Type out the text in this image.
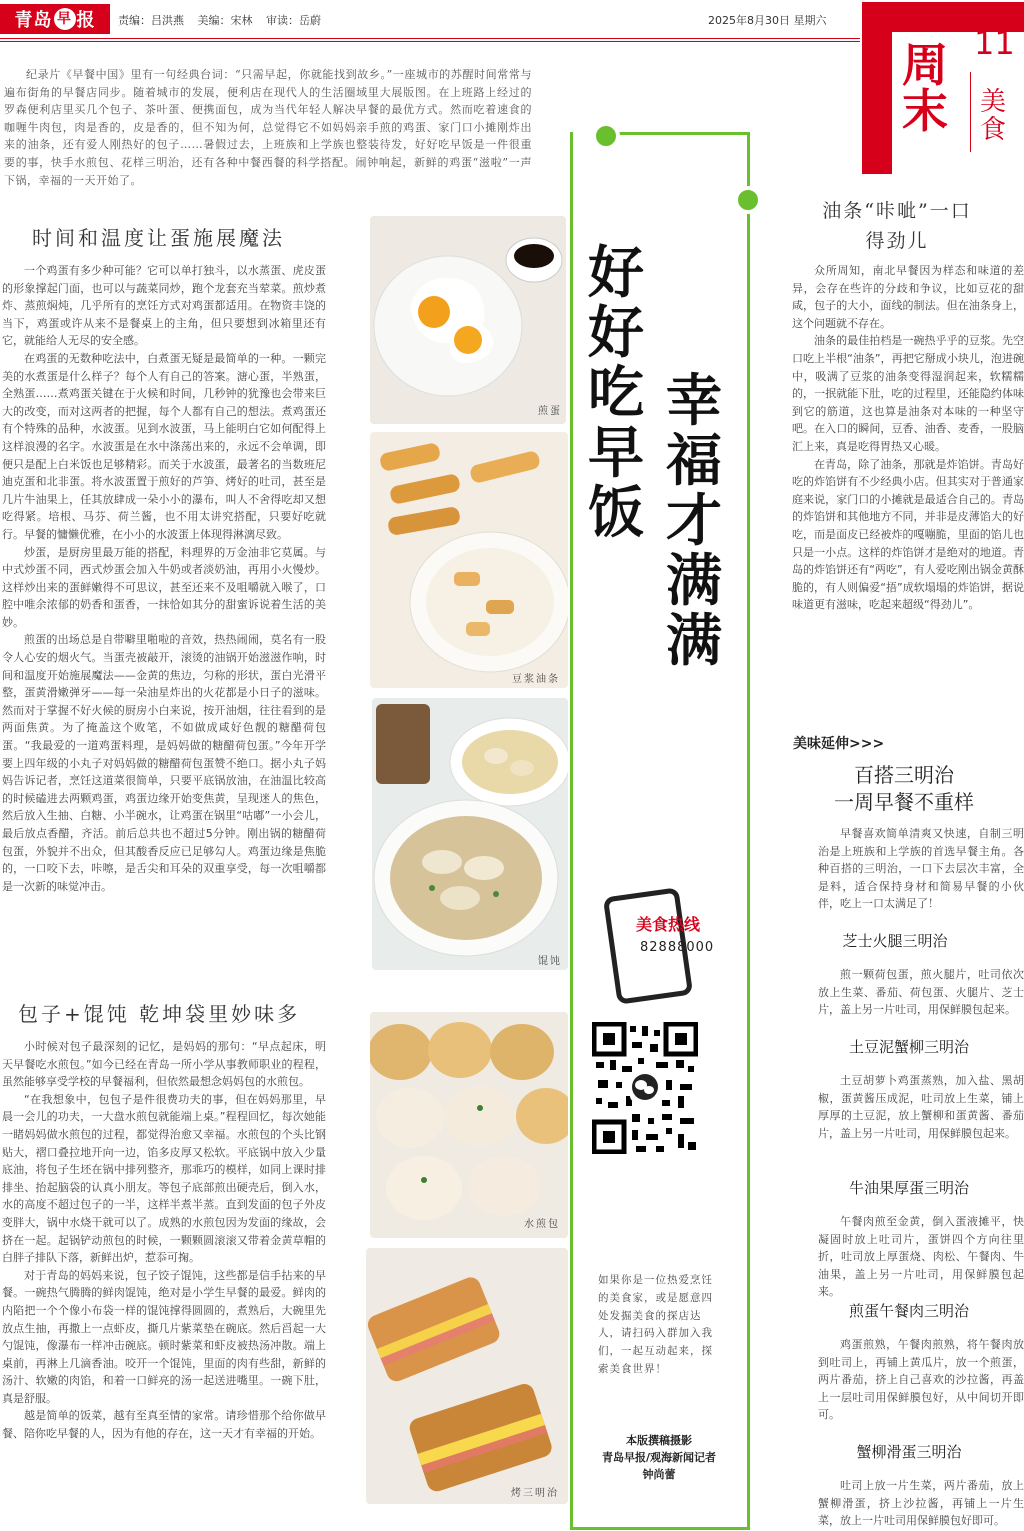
青岛 早 报 责编：吕洪燕 美编：宋林 审读：岳蔚	2025年8月30日 星期六
周末
11
美食

纪录片《早餐中国》里有一句经典台词：“只需早起，你就能找到故乡。”一座城市的苏醒时间常常与遍布街角的早餐店同步。随着城市的发展，便利店在现代人的生活圈域里大展版图。在上班路上经过的罗森便利店里买几个包子、茶叶蛋、便携面包，成为当代年轻人解决早餐的最优方式。然而吃着速食的咖喱牛肉包，肉是香的，皮是香的，但不知为何，总觉得它不如妈妈亲手煎的鸡蛋、家门口小摊刚炸出来的油条，还有爱人刚热好的包子……暑假过去，上班族和上学族也整装待发，好好吃早饭是一件很重要的事，快手水煎包、花样三明治，还有各种中餐西餐的科学搭配。闹钟响起，新鲜的鸡蛋“滋啦”一声下锅，幸福的一天开始了。

时间和温度让蛋施展魔法

一个鸡蛋有多少种可能？它可以单打独斗，以水蒸蛋、虎皮蛋的形象撑起门面，也可以与蔬菜同炒，跑个龙套充当荤菜。煎炒煮炸、蒸煎焖炖，几乎所有的烹饪方式对鸡蛋都适用。在物资丰饶的当下，鸡蛋或许从来不是餐桌上的主角，但只要想到冰箱里还有它，就能给人无尽的安全感。

在鸡蛋的无数种吃法中，白煮蛋无疑是最简单的一种。一颗完美的水煮蛋是什么样子？每个人有自己的答案。溏心蛋，半熟蛋，全熟蛋……煮鸡蛋关键在于火候和时间，几秒钟的犹豫也会带来巨大的改变，而对这两者的把握，每个人都有自己的想法。煮鸡蛋还有个特殊的品种，水波蛋。见到水波蛋，马上能明白它如何配得上这样浪漫的名字。水波蛋是在水中涤荡出来的，永远不会单调，即便只是配上白米饭也足够精彩。而关于水波蛋，最著名的当数班尼迪克蛋和北非蛋。将水波蛋置于煎好的芦笋、烤好的吐司，甚至是几片牛油果上，任其放肆成一朵小小的瀑布，叫人不舍得吃却又想吃得紧。培根、马芬、荷兰酱，也不用太讲究搭配，只要好吃就行。早餐的慵懒优雅，在小小的水波蛋上体现得淋漓尽致。

炒蛋，是厨房里最万能的搭配，料理界的万金油非它莫属。与中式炒蛋不同，西式炒蛋会加入牛奶或者淡奶油，再用小火慢炒。这样炒出来的蛋鲜嫩得不可思议，甚至还来不及咀嚼就入喉了，口腔中唯余浓郁的奶香和蛋香，一抹恰如其分的甜蜜诉说着生活的美妙。

煎蛋的出场总是自带噼里啪啦的音效，热热闹闹，莫名有一股令人心安的烟火气。当蛋壳被敲开，滚烫的油锅开始滋滋作响，时间和温度开始施展魔法——金黄的焦边，匀称的形状，蛋白光滑平整，蛋黄滑嫩弹牙——每一朵油星炸出的火花都是小日子的滋味。然而对于掌握不好火候的厨房小白来说，按开油烟，往往看到的是两面焦黄。为了掩盖这个败笔，不如做成咸好色靓的糖醋荷包蛋。“我最爱的一道鸡蛋料理，是妈妈做的糖醋荷包蛋。”今年开学要上四年级的小丸子对妈妈做的糖醋荷包蛋赞不绝口。据小丸子妈妈告诉记者，烹饪这道菜很简单，只要平底锅放油，在油温比较高的时候磕进去两颗鸡蛋，鸡蛋边缘开始变焦黄，呈现迷人的焦色，然后放入生抽、白糖、小半碗水，让鸡蛋在锅里“咕嘟”一小会儿，最后放点香醋，齐活。前后总共也不超过5分钟。刚出锅的糖醋荷包蛋，外貌并不出众，但其酸香反应已足够勾人。鸡蛋边缘是焦脆的，一口咬下去，咔嚓，是舌尖和耳朵的双重享受，每一次咀嚼都是一次新的味觉冲击。

包子+馄饨 乾坤袋里妙味多

小时候对包子最深刻的记忆，是妈妈的那句：“早点起床，明天早餐吃水煎包。”如今已经在青岛一所小学从事教师职业的程程，虽然能够享受学校的早餐福利，但依然最想念妈妈包的水煎包。

“在我想象中，包包子是件很费功夫的事，但在妈妈那里，早晨一会儿的功夫，一大盘水煎包就能端上桌。”程程回忆，每次她能一睹妈妈做水煎包的过程，都觉得治愈又幸福。水煎包的个头比钢贴大，褶口叠拉地开向一边，馅多皮厚又松软。平底锅中放入少量底油，将包子生坯在锅中排列整齐，那乖巧的模样，如同上课时排排坐、抬起脑袋的认真小朋友。等包子底部煎出硬壳后，倒入水，水的高度不超过包子的一半，这样半煮半蒸。直到发面的包子外皮变胖大，锅中水烧干就可以了。成熟的水煎包因为发面的缘故，会挤在一起。起锅铲动煎包的时候，一颗颗圆滚滚又带着金黄草帽的白胖子排队下落，新鲜出炉，惹忝可掬。

对于青岛的妈妈来说，包子饺子馄饨，这些都是信手拈来的早餐。一碗热气腾腾的鲜肉馄饨，绝对是小学生早餐的最爱。鲜肉的内陷把一个个像小布袋一样的馄饨撑得圆圆的，煮熟后，大碗里先放点生抽，再撒上一点虾皮，撕几片紫菜垫在碗底。然后舀起一大勺馄饨，像瀑布一样冲击碗底。顿时紫菜和虾皮被热汤冲散。端上桌前，再淋上几滴香油。咬开一个馄饨，里面的肉有些甜，新鲜的汤汁、软嫩的肉馅，和着一口鲜亮的汤一起送进嘴里。一碗下肚，真是舒服。

越是简单的饭菜，越有至真至情的家常。请珍惜那个给你做早餐、陪你吃早餐的人，因为有他的存在，这一天才有幸福的开始。

煎蛋
豆浆油条
馄饨
水煎包
烤三明治
好好吃早饭
幸福才满满
美食热线
82888000

如果你是一位热爱烹饪的美食家，或是愿意四处发掘美食的探店达人，请扫码入群加入我们，一起互动起来，探索美食世界！

本版撰稿摄影
青岛早报/观海新闻记者
钟尚蕾
油条“咔呲”一口
得劲儿

众所周知，南北早餐因为样态和味道的差异，会存在些许的分歧和争议，比如豆花的甜咸，包子的大小，面线的制法。但在油条身上，这个问题就不存在。

油条的最佳拍档是一碗热乎乎的豆浆。先空口吃上半根“油条”，再把它掰成小块儿，泡进碗中，吸满了豆浆的油条变得湿润起来，软糯糯的，一抿就能下肚，吃的过程里，还能隐约体味到它的筋道，这也算是油条对本味的一种坚守吧。在入口的瞬间，豆香、油香、麦香，一股脑汇上来，真是吃得胃热又心暖。

在青岛，除了油条，那就是炸馅饼。青岛好吃的炸馅饼有不少经典小店。但其实对于普通家庭来说，家门口的小摊就是最适合自己的。青岛的炸馅饼和其他地方不同，并非是皮薄馅大的好吃，而是面皮已经被炸的嘎嘣脆，里面的馅儿也只是一小点。这样的炸馅饼才是绝对的地道。青岛的炸馅饼还有“两吃”，有人爱吃刚出锅金黄酥脆的，有人则偏爱“捂”成软塌塌的炸馅饼，据说味道更有滋味，吃起来超级“得劲儿”。

美味延伸>>>
百搭三明治
一周早餐不重样

早餐喜欢简单清爽又快速，自制三明治是上班族和上学族的首选早餐主角。各种百搭的三明治，一口下去层次丰富，全是料，适合保持身材和简易早餐的小伙伴，吃上一口太满足了！

芝士火腿三明治

煎一颗荷包蛋，煎火腿片，吐司依次放上生菜、番茄、荷包蛋、火腿片、芝士片，盖上另一片吐司，用保鲜膜包起来。

土豆泥蟹柳三明治

土豆胡萝卜鸡蛋蒸熟，加入盐、黑胡椒，蛋黄酱压成泥，吐司放上生菜，铺上厚厚的土豆泥，放上蟹柳和蛋黄酱、番茄片，盖上另一片吐司，用保鲜膜包起来。

牛油果厚蛋三明治

午餐肉煎至金黄，倒入蛋液摊平，快凝固时放上吐司片，蛋饼四个方向往里折，吐司放上厚蛋烧、肉松、午餐肉、牛油果，盖上另一片吐司，用保鲜膜包起来。

煎蛋午餐肉三明治

鸡蛋煎熟，午餐肉煎熟，将午餐肉放到吐司上，再铺上黄瓜片，放一个煎蛋，两片番茄，挤上自己喜欢的沙拉酱，再盖上一层吐司用保鲜膜包好，从中间切开即可。

蟹柳滑蛋三明治

吐司上放一片生菜，两片番茄，放上蟹柳滑蛋，挤上沙拉酱，再铺上一片生菜，放上一片吐司用保鲜膜包好即可。
